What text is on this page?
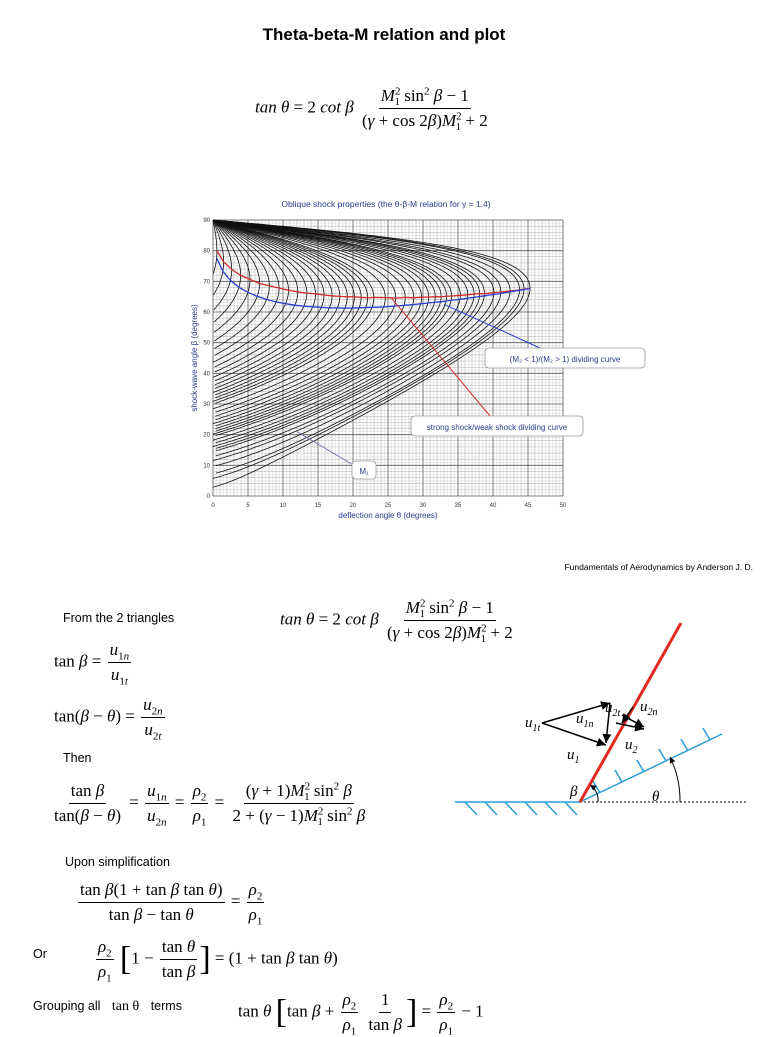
Theta-beta-M relation and plot
tan θ = 2 cot β $\frac{M^2_1 \sin^2 \beta - 1}{(\gamma + \cos 2\beta)M^2_1 + 2}$
Oblique shock properties (the θ-β-M relation for γ = 1.4)
0	5	10	15	20	25	30	35	40	45	50
0
10
20
30
40
50
60
70
80
90
deflection angle θ (degrees)
shock-wave angle β (degrees)	(M₂ < 1)/(M₂ > 1) dividing curve
strong shock/weak shock dividing curve
M₁
Fundamentals of Aerodynamics by Anderson J. D.
From the 2 triangles	tan θ = 2 cot β $\frac{M^2_1 \sin^2 \beta - 1}{(\gamma + \cos 2\beta)M^2_1 + 2}$
$\tan \beta = \frac{u_{1n}}{u_{1t}}$
$\tan(\beta - \theta) = \frac{u_{2n}}{u_{2t}}$
Then
$\frac{\text{tan β}}{\tan(\beta - \theta)} = \frac{u_{1n}}{u_{2n}} = \frac{\rho_2}{\rho_1} = \frac{(\gamma + 1)M^2_1 \sin^2 \beta}{2 + (\gamma - 1)M^2_1 \sin^2 \beta}$
Upon simplification
$\frac{\text{tan β(1 + tan β tan θ)}}{\text{tan β − tan θ}} = \frac{\rho_2}{\rho_1}$
Or	$\frac{\rho_2}{\rho_1} [1 - \frac{\text{tan θ}}{\text{tan β}}$ ] = (1 + tan β tan θ)
Grouping all tan θ terms	tan θ [tan $\beta + \frac{\rho_2}{\rho_1}$
$\frac{1}{\text{tan β}}$ ] = $\frac{\rho_2}{\rho_1} - 1$
$u_{1t}$
$u_{1n}$
$u_1$
$u_{2t}$ $u_{2n}$
$u_2$
β	θ
